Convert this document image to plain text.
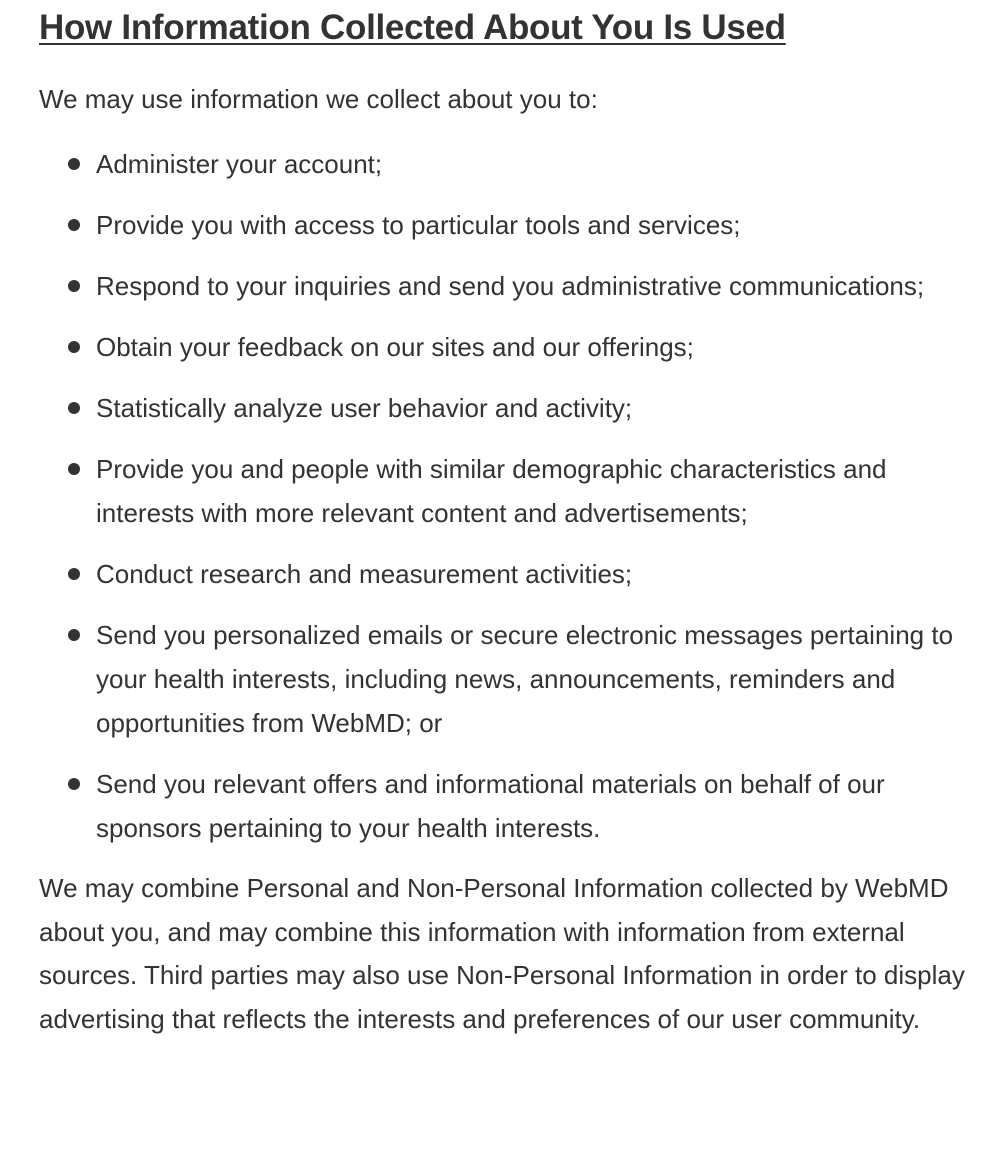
How Information Collected About You Is Used

We may use information we collect about you to:

Administer your account;
Provide you with access to particular tools and services;
Respond to your inquiries and send you administrative communications;
Obtain your feedback on our sites and our offerings;
Statistically analyze user behavior and activity;
Provide you and people with similar demographic characteristics and interests with more relevant content and advertisements;
Conduct research and measurement activities;
Send you personalized emails or secure electronic messages pertaining to your health interests, including news, announcements, reminders and opportunities from WebMD; or
Send you relevant offers and informational materials on behalf of our sponsors pertaining to your health interests.

We may combine Personal and Non-Personal Information collected by WebMD about you, and may combine this information with information from external sources. Third parties may also use Non-Personal Information in order to display advertising that reflects the interests and preferences of our user community.
